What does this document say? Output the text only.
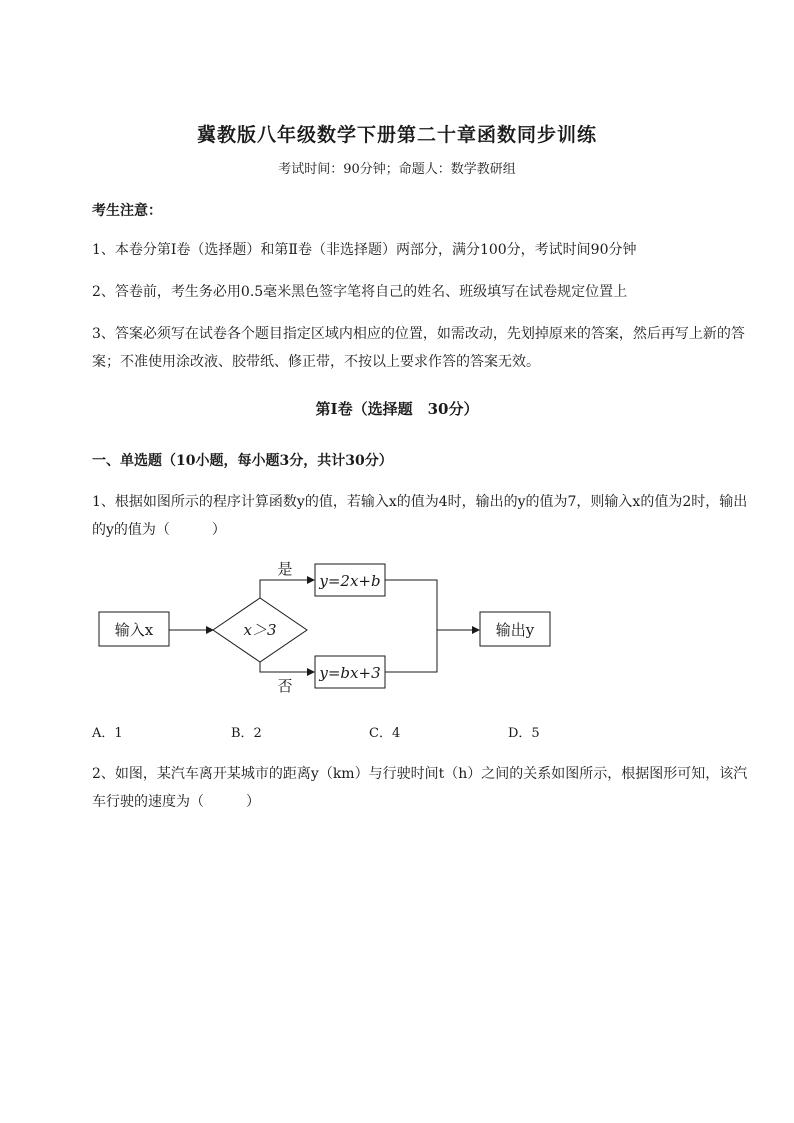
冀教版八年级数学下册第二十章函数同步训练
考试时间：90分钟；命题人：数学教研组
考生注意：
1、本卷分第I卷（选择题）和第Ⅱ卷（非选择题）两部分，满分100分，考试时间90分钟
2、答卷前，考生务必用0.5毫米黑色签字笔将自己的姓名、班级填写在试卷规定位置上
3、答案必须写在试卷各个题目指定区域内相应的位置，如需改动，先划掉原来的答案，然后再写上新的答案；不准使用涂改液、胶带纸、修正带，不按以上要求作答的答案无效。
第I卷（选择题　30分）
一、单选题（10小题，每小题3分，共计30分）
1、根据如图所示的程序计算函数y的值，若输入x的值为4时，输出的y的值为7，则输入x的值为2时，输出的y的值为（　　　）
输入x	x＞3
是
否
y=2x+b
y=bx+3
输出y
A．1	B．2	C．4	D．5
2、如图，某汽车离开某城市的距离y（km）与行驶时间t（h）之间的关系如图所示，根据图形可知，该汽车行驶的速度为（　　　）
